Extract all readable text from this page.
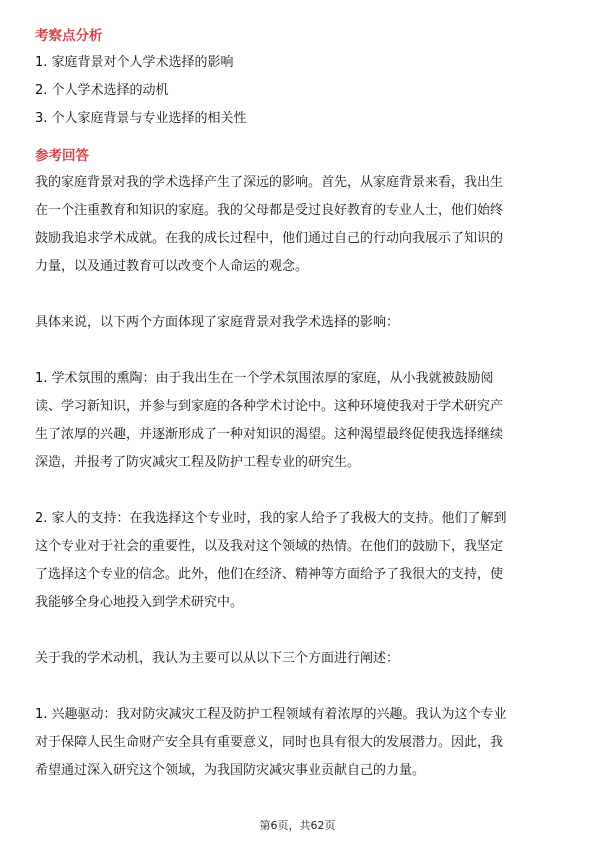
考察点分析
1. 家庭背景对个人学术选择的影响
2. 个人学术选择的动机
3. 个人家庭背景与专业选择的相关性
参考回答
我的家庭背景对我的学术选择产生了深远的影响。首先，从家庭背景来看，我出生
在一个注重教育和知识的家庭。我的父母都是受过良好教育的专业人士，他们始终
鼓励我追求学术成就。在我的成长过程中，他们通过自己的行动向我展示了知识的
力量，以及通过教育可以改变个人命运的观念。
具体来说，以下两个方面体现了家庭背景对我学术选择的影响：
1. 学术氛围的熏陶：由于我出生在一个学术氛围浓厚的家庭，从小我就被鼓励阅
读、学习新知识，并参与到家庭的各种学术讨论中。这种环境使我对于学术研究产
生了浓厚的兴趣，并逐渐形成了一种对知识的渴望。这种渴望最终促使我选择继续
深造，并报考了防灾减灾工程及防护工程专业的研究生。
2. 家人的支持：在我选择这个专业时，我的家人给予了我极大的支持。他们了解到
这个专业对于社会的重要性，以及我对这个领域的热情。在他们的鼓励下，我坚定
了选择这个专业的信念。此外，他们在经济、精神等方面给予了我很大的支持，使
我能够全身心地投入到学术研究中。
关于我的学术动机，我认为主要可以从以下三个方面进行阐述：
1. 兴趣驱动：我对防灾减灾工程及防护工程领域有着浓厚的兴趣。我认为这个专业
对于保障人民生命财产安全具有重要意义，同时也具有很大的发展潜力。因此，我
希望通过深入研究这个领域，为我国防灾减灾事业贡献自己的力量。
第6页，共62页
